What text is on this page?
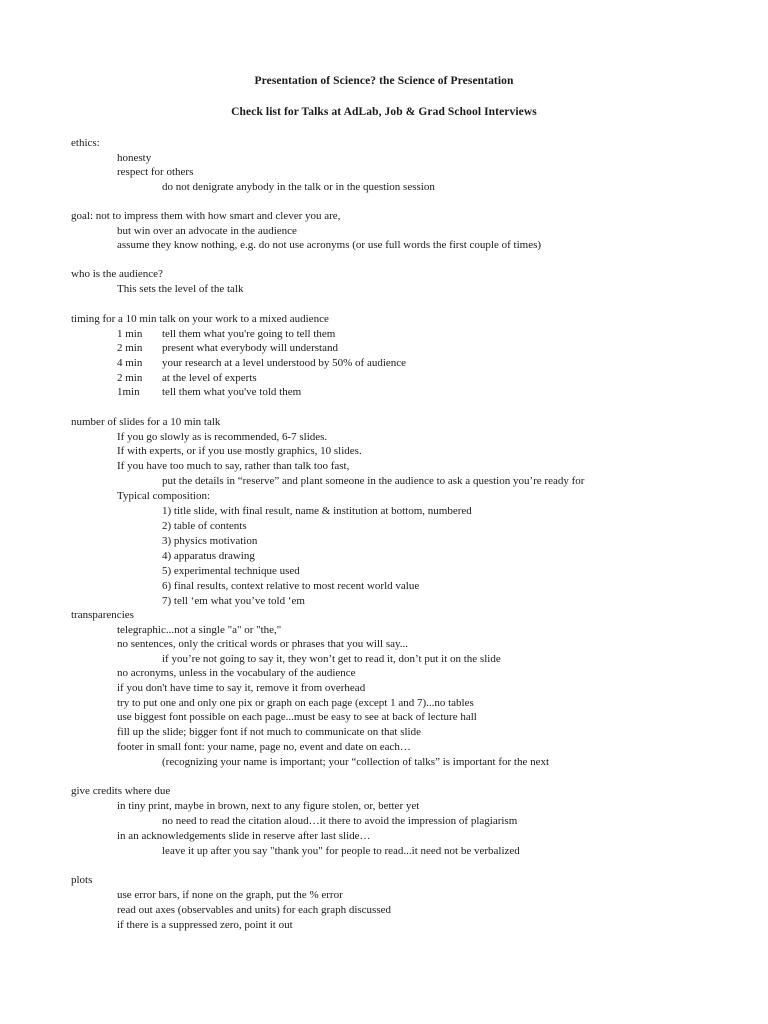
Presentation of Science? the Science of Presentation
Check list for Talks at AdLab, Job & Grad School Interviews
ethics:
honesty
respect for others
do not denigrate anybody in the talk or in the question session
goal: not to impress them with how smart and clever you are,
but win over an advocate in the audience
assume they know nothing, e.g. do not use acronyms (or use full words the first couple of times)
who is the audience?
This sets the level of the talk
timing for a 10 min talk on your work to a mixed audience
1 min tell them what you're going to tell them
2 min present what everybody will understand
4 min your research at a level understood by 50% of audience
2 min at the level of experts
1min tell them what you've told them
number of slides for a 10 min talk
If you go slowly as is recommended, 6-7 slides.
If with experts, or if you use mostly graphics, 10 slides.
If you have too much to say, rather than talk too fast,
put the details in “reserve” and plant someone in the audience to ask a question you’re ready for
Typical composition:
1) title slide, with final result, name & institution at bottom, numbered
2) table of contents
3) physics motivation
4) apparatus drawing
5) experimental technique used
6) final results, context relative to most recent world value
7) tell ‘em what you’ve told ‘em
transparencies
telegraphic...not a single "a" or "the,"
no sentences, only the critical words or phrases that you will say...
if you’re not going to say it, they won’t get to read it, don’t put it on the slide
no acronyms, unless in the vocabulary of the audience
if you don't have time to say it, remove it from overhead
try to put one and only one pix or graph on each page (except 1 and 7)...no tables
use biggest font possible on each page...must be easy to see at back of lecture hall
fill up the slide; bigger font if not much to communicate on that slide
footer in small font: your name, page no, event and date on each…
(recognizing your name is important; your “collection of talks” is important for the next
give credits where due
in tiny print, maybe in brown, next to any figure stolen, or, better yet
no need to read the citation aloud…it there to avoid the impression of plagiarism
in an acknowledgements slide in reserve after last slide…
leave it up after you say "thank you" for people to read...it need not be verbalized
plots
use error bars, if none on the graph, put the % error
read out axes (observables and units) for each graph discussed
if there is a suppressed zero, point it out
